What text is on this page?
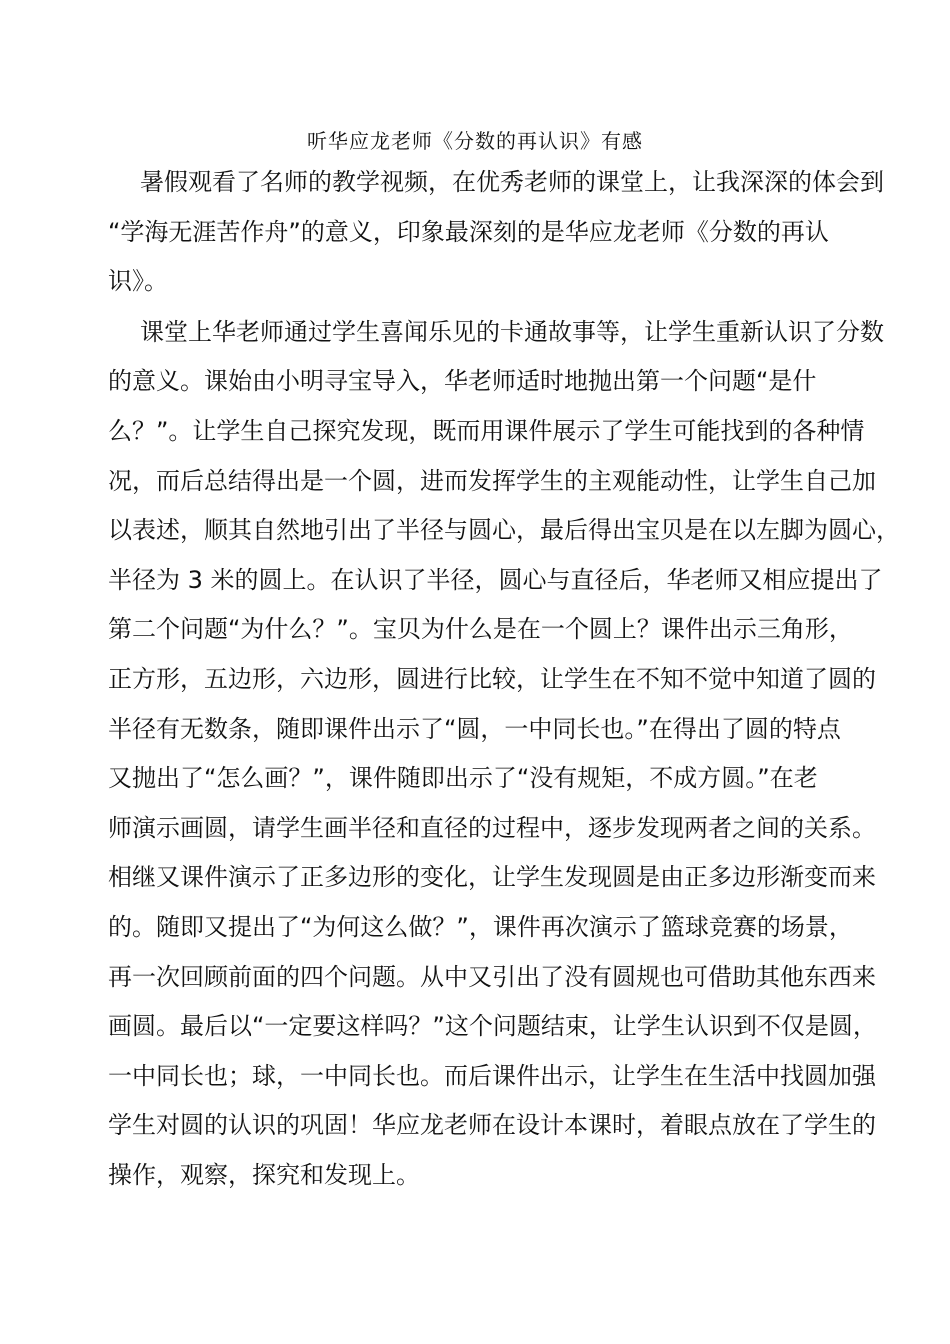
听华应龙老师《分数的再认识》有感
暑假观看了名师的教学视频，在优秀老师的课堂上，让我深深的体会到
“学海无涯苦作舟”的意义，印象最深刻的是华应龙老师《分数的再认
识》。
课堂上华老师通过学生喜闻乐见的卡通故事等，让学生重新认识了分数
的意义。课始由小明寻宝导入，华老师适时地抛出第一个问题“是什
么？”。让学生自己探究发现，既而用课件展示了学生可能找到的各种情
况，而后总结得出是一个圆，进而发挥学生的主观能动性，让学生自己加
以表述，顺其自然地引出了半径与圆心，最后得出宝贝是在以左脚为圆心，
半径为 3 米的圆上。在认识了半径，圆心与直径后，华老师又相应提出了
第二个问题“为什么？”。宝贝为什么是在一个圆上？课件出示三角形，
正方形，五边形，六边形，圆进行比较，让学生在不知不觉中知道了圆的
半径有无数条，随即课件出示了“圆，一中同长也。”在得出了圆的特点
又抛出了“怎么画？”，课件随即出示了“没有规矩，不成方圆。”在老
师演示画圆，请学生画半径和直径的过程中，逐步发现两者之间的关系。
相继又课件演示了正多边形的变化，让学生发现圆是由正多边形渐变而来
的。随即又提出了“为何这么做？”，课件再次演示了篮球竞赛的场景，
再一次回顾前面的四个问题。从中又引出了没有圆规也可借助其他东西来
画圆。最后以“一定要这样吗？”这个问题结束，让学生认识到不仅是圆，
一中同长也；球，一中同长也。而后课件出示，让学生在生活中找圆加强
学生对圆的认识的巩固！华应龙老师在设计本课时，着眼点放在了学生的
操作，观察，探究和发现上。
